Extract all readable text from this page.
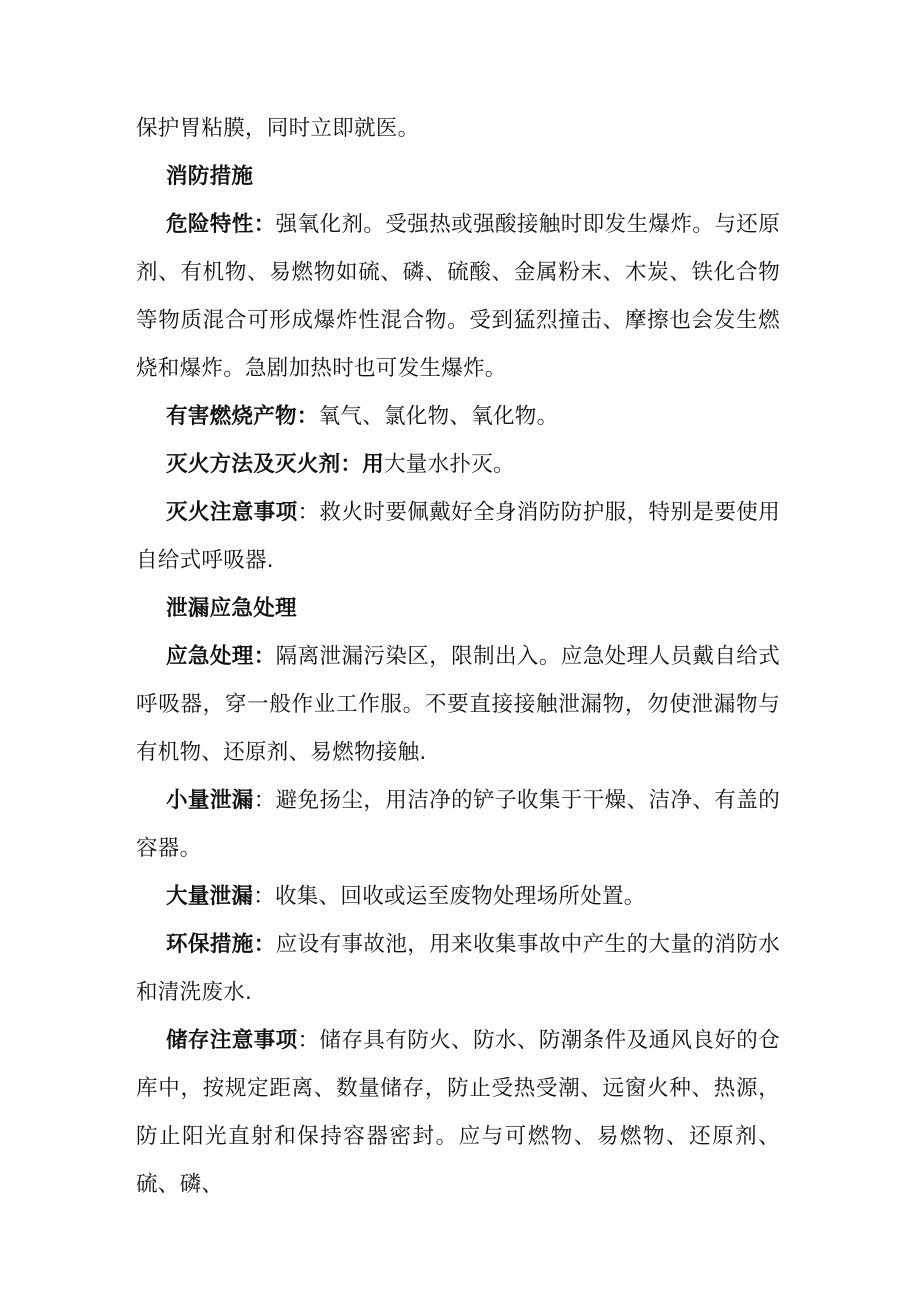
保护胃粘膜，同时立即就医。

消防措施

危险特性：强氧化剂。受强热或强酸接触时即发生爆炸。与还原剂、有机物、易燃物如硫、磷、硫酸、金属粉末、木炭、铁化合物等物质混合可形成爆炸性混合物。受到猛烈撞击、摩擦也会发生燃烧和爆炸。急剧加热时也可发生爆炸。

有害燃烧产物：氧气、氯化物、氧化物。

灭火方法及灭火剂：用大量水扑灭。

灭火注意事项：救火时要佩戴好全身消防防护服，特别是要使用自给式呼吸器.

泄漏应急处理

应急处理：隔离泄漏污染区，限制出入。应急处理人员戴自给式呼吸器，穿一般作业工作服。不要直接接触泄漏物，勿使泄漏物与有机物、还原剂、易燃物接触.

小量泄漏：避免扬尘，用洁净的铲子收集于干燥、洁净、有盖的容器。

大量泄漏：收集、回收或运至废物处理场所处置。

环保措施：应设有事故池，用来收集事故中产生的大量的消防水和清洗废水.

储存注意事项：储存具有防火、防水、防潮条件及通风良好的仓库中，按规定距离、数量储存，防止受热受潮、远窗火种、热源，防止阳光直射和保持容器密封。应与可燃物、易燃物、还原剂、硫、磷、
